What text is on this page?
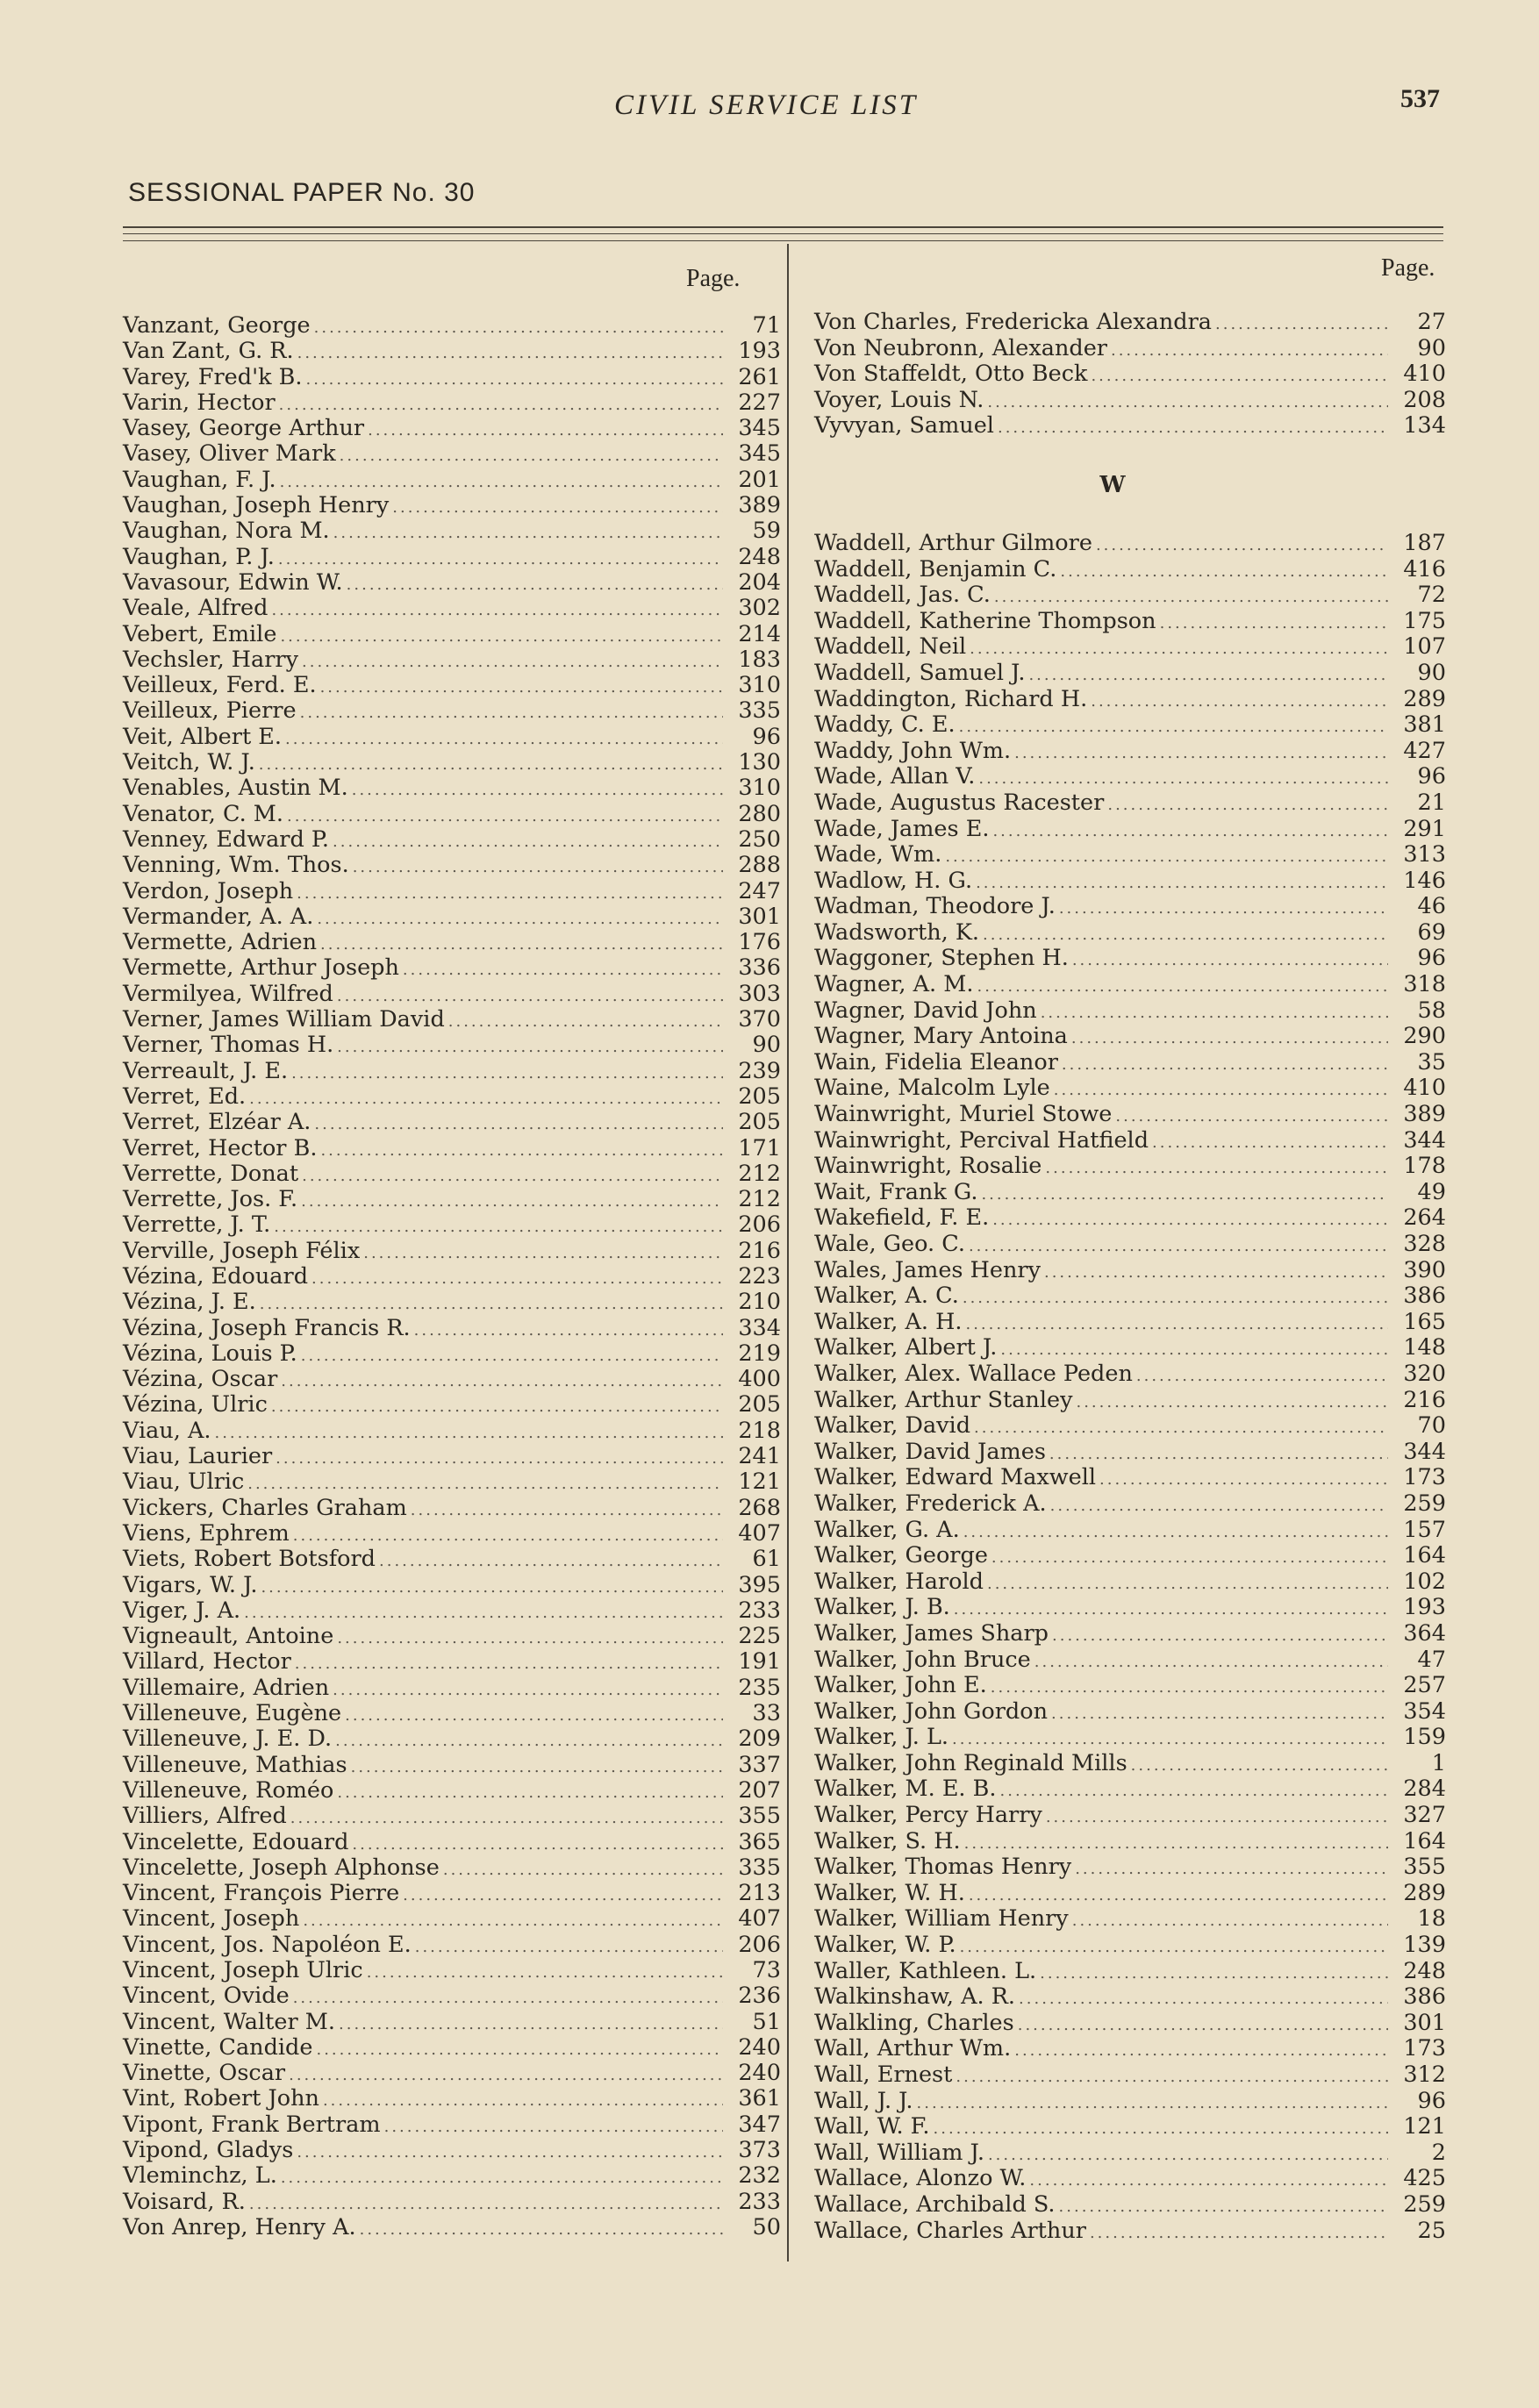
CIVIL SERVICE LIST	537
SESSIONAL PAPER No. 30
Page.	Page.
Vanzant, George .....	71
Van Zant, G. R. .....	193
Varey, Fred'k B. .....	261
Varin, Hector .....	227
Vasey, George Arthur .....	345
Vasey, Oliver Mark .....	345
Vaughan, F. J. .....	201
Vaughan, Joseph Henry .....	389
Vaughan, Nora M. .....	59
Vaughan, P. J. .....	248
Vavasour, Edwin W. .....	204
Veale, Alfred .....	302
Vebert, Emile .....	214
Vechsler, Harry .....	183
Veilleux, Ferd. E. .....	310
Veilleux, Pierre .....	335
Veit, Albert E. .....	96
Veitch, W. J. .....	130
Venables, Austin M. .....	310
Venator, C. M. .....	280
Venney, Edward P. .....	250
Venning, Wm. Thos. .....	288
Verdon, Joseph .....	247
Vermander, A. A. .....	301
Vermette, Adrien .....	176
Vermette, Arthur Joseph .....	336
Vermilyea, Wilfred .....	303
Verner, James William David .....	370
Verner, Thomas H. .....	90
Verreault, J. E. .....	239
Verret, Ed. .....	205
Verret, Elzéar A. .....	205
Verret, Hector B. .....	171
Verrette, Donat .....	212
Verrette, Jos. F. .....	212
Verrette, J. T. .....	206
Verville, Joseph Félix .....	216
Vézina, Edouard .....	223
Vézina, J. E. .....	210
Vézina, Joseph Francis R. .....	334
Vézina, Louis P. .....	219
Vézina, Oscar .....	400
Vézina, Ulric .....	205
Viau, A. .....	218
Viau, Laurier .....	241
Viau, Ulric .....	121
Vickers, Charles Graham .....	268
Viens, Ephrem .....	407
Viets, Robert Botsford .....	61
Vigars, W. J. .....	395
Viger, J. A. .....	233
Vigneault, Antoine .....	225
Villard, Hector .....	191
Villemaire, Adrien .....	235
Villeneuve, Eugène .....	33
Villeneuve, J. E. D. .....	209
Villeneuve, Mathias .....	337
Villeneuve, Roméo .....	207
Villiers, Alfred .....	355
Vincelette, Edouard .....	365
Vincelette, Joseph Alphonse .....	335
Vincent, François Pierre .....	213
Vincent, Joseph .....	407
Vincent, Jos. Napoléon E. .....	206
Vincent, Joseph Ulric .....	73
Vincent, Ovide .....	236
Vincent, Walter M. .....	51
Vinette, Candide .....	240
Vinette, Oscar .....	240
Vint, Robert John .....	361
Vipont, Frank Bertram .....	347
Vipond, Gladys .....	373
Vleminchz, L. .....	232
Voisard, R. .....	233
Von Anrep, Henry A. .....	50
Von Charles, Fredericka Alexandra .....	27
Von Neubronn, Alexander .....	90
Von Staffeldt, Otto Beck .....	410
Voyer, Louis N. .....	208
Vyvyan, Samuel .....	134
W
Waddell, Arthur Gilmore .....	187
Waddell, Benjamin C. .....	416
Waddell, Jas. C. .....	72
Waddell, Katherine Thompson .....	175
Waddell, Neil .....	107
Waddell, Samuel J. .....	90
Waddington, Richard H. .....	289
Waddy, C. E. .....	381
Waddy, John Wm. .....	427
Wade, Allan V. .....	96
Wade, Augustus Racester .....	21
Wade, James E. .....	291
Wade, Wm. .....	313
Wadlow, H. G. .....	146
Wadman, Theodore J. .....	46
Wadsworth, K. .....	69
Waggoner, Stephen H. .....	96
Wagner, A. M. .....	318
Wagner, David John .....	58
Wagner, Mary Antoina .....	290
Wain, Fidelia Eleanor .....	35
Waine, Malcolm Lyle .....	410
Wainwright, Muriel Stowe .....	389
Wainwright, Percival Hatfield .....	344
Wainwright, Rosalie .....	178
Wait, Frank G. .....	49
Wakefield, F. E. .....	264
Wale, Geo. C. .....	328
Wales, James Henry .....	390
Walker, A. C. .....	386
Walker, A. H. .....	165
Walker, Albert J. .....	148
Walker, Alex. Wallace Peden .....	320
Walker, Arthur Stanley .....	216
Walker, David .....	70
Walker, David James .....	344
Walker, Edward Maxwell .....	173
Walker, Frederick A. .....	259
Walker, G. A. .....	157
Walker, George .....	164
Walker, Harold .....	102
Walker, J. B. .....	193
Walker, James Sharp .....	364
Walker, John Bruce .....	47
Walker, John E. .....	257
Walker, John Gordon .....	354
Walker, J. L. .....	159
Walker, John Reginald Mills .....	1
Walker, M. E. B. .....	284
Walker, Percy Harry .....	327
Walker, S. H. .....	164
Walker, Thomas Henry .....	355
Walker, W. H. .....	289
Walker, William Henry .....	18
Walker, W. P. .....	139
Waller, Kathleen. L. .....	248
Walkinshaw, A. R. .....	386
Walkling, Charles .....	301
Wall, Arthur Wm. .....	173
Wall, Ernest .....	312
Wall, J. J. .....	96
Wall, W. F. .....	121
Wall, William J. .....	2
Wallace, Alonzo W. .....	425
Wallace, Archibald S. .....	259
Wallace, Charles Arthur .....	25
